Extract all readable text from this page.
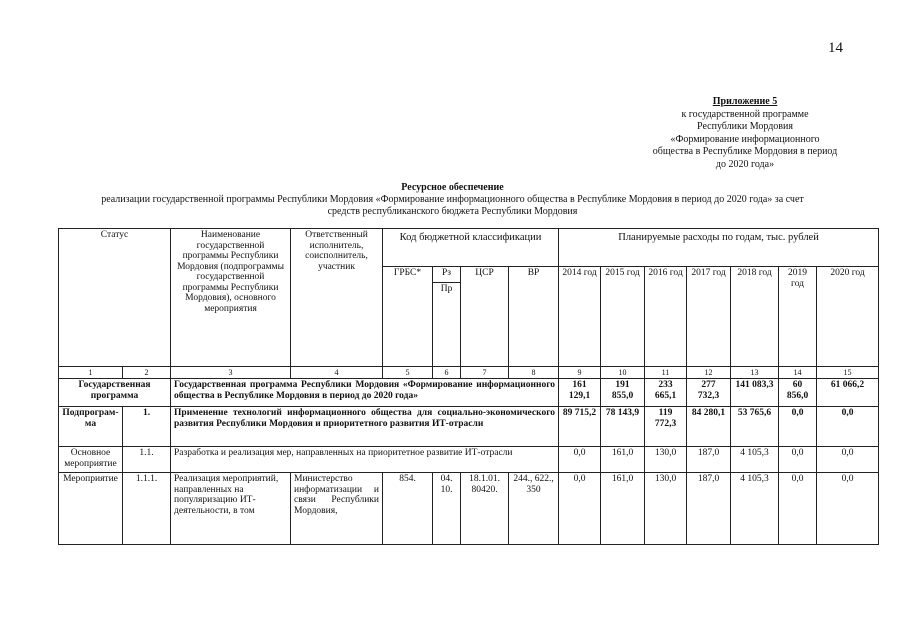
14
Приложение 5
к государственной программе
Республики Мордовия
«Формирование информационного
общества в Республике Мордовия в период
до 2020 года»
Ресурсное обеспечение
реализации государственной программы Республики Мордовия «Формирование информационного общества в Республике Мордовия в период до 2020 года» за счет
средств республиканского бюджета Республики Мордовия
Статус		Наименование государственной программы Республики Мордовия (подпрограммы государственной программы Республики Мордовия), основного мероприятия	Ответственный исполнитель, соисполнитель, участник	Код бюджетной классификации				Планируемые расходы по годам, тыс. рублей						
				ГРБС*	Рз	ЦСР	ВР	2014 год	2015 год	2016 год	2017 год	2018 год	2019 год	2020 год
					Пр									
1	2	3	4	5	6	7	8	9	10	11	12	13	14	15
Государственная программа		Государственная программа Республики Мордовия «Формирование информационного общества в Республике Мордовия в период до 2020 года»						161 129,1	191 855,0	233 665,1	277 732,3	141 083,3	60 856,0	61 066,2
Подпрограм-ма	1.	Применение технологий информационного общества для социально-экономического развития Республики Мордовия и приоритетного развития ИТ-отрасли						89 715,2	78 143,9	119 772,3	84 280,1	53 765,6	0,0	0,0
Основное мероприятие	1.1.	Разработка и реализация мер, направленных на приоритетное развитие ИТ-отрасли						0,0	161,0	130,0	187,0	4 105,3	0,0	0,0
Мероприятие	1.1.1.	Реализация мероприятий, направленных на популяризацию ИТ-деятельности, в том	Министерство информатизации и связи Республики Мордовия,	854.	04. 10.	18.1.01. 80420.	244., 622., 350	0,0	161,0	130,0	187,0	4 105,3	0,0	0,0
